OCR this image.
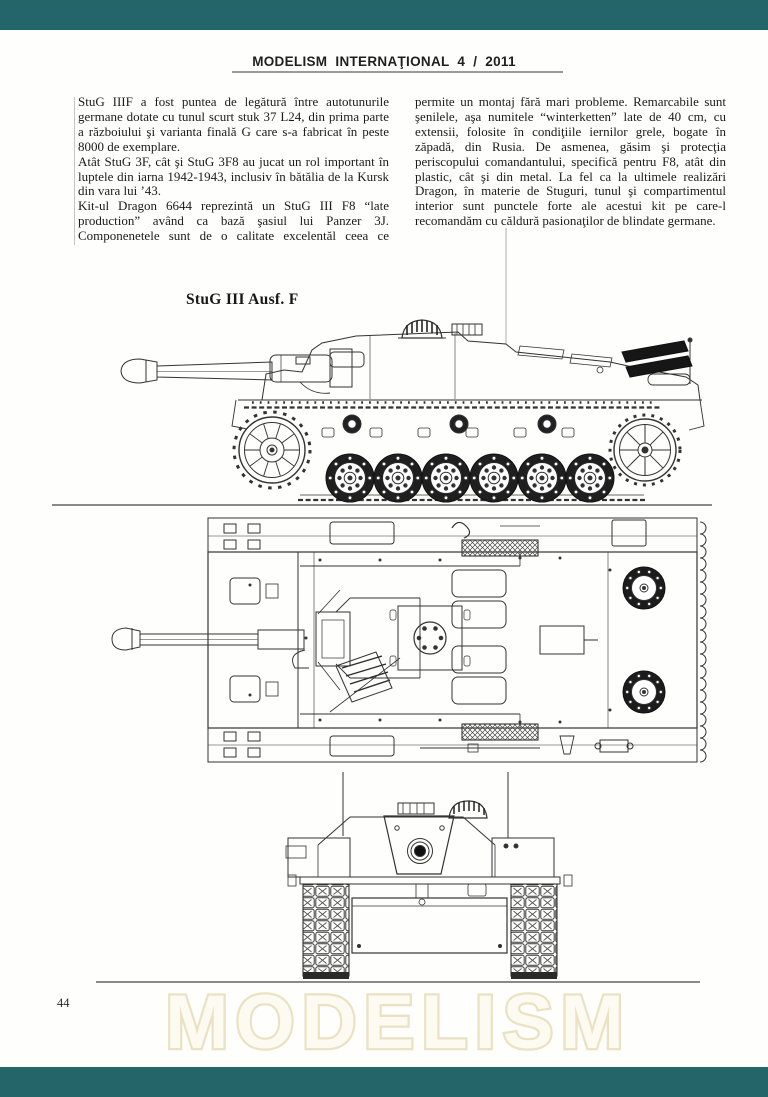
MODELISM INTERNAŢIONAL 4 / 2011

StuG IIIF a fost puntea de legătură între autotunurile germane dotate cu tunul scurt stuk 37 L24, din prima parte a războiului şi varianta finală G care s-a fabricat în peste 8000 de exemplare.

Atât StuG 3F, cât şi StuG 3F8 au jucat un rol important în luptele din iarna 1942-1943, inclusiv în bătălia de la Kursk din vara lui ’43.

Kit-ul Dragon 6644 reprezintă un StuG III F8 “late production” având ca bază şasiul lui Panzer 3J. Componenetele sunt de o calitate excelentăl ceea ce

permite un montaj fără mari probleme. Remarcabile sunt şenilele, aşa numitele “winterketten” late de 40 cm, cu extensii, folosite în condiţiile iernilor grele, bogate în zăpadă, din Rusia. De asmenea, găsim şi protecţia periscopului comandantului, specifică pentru F8, atât din plastic, cât şi din metal. La fel ca la ultimele realizări Dragon, în materie de Stuguri, tunul şi compartimentul interior sunt punctele forte ale acestui kit pe care-l recomandăm cu căldură pasionaţilor de blindate germane.

StuG III Ausf. F
MODELISM
44
